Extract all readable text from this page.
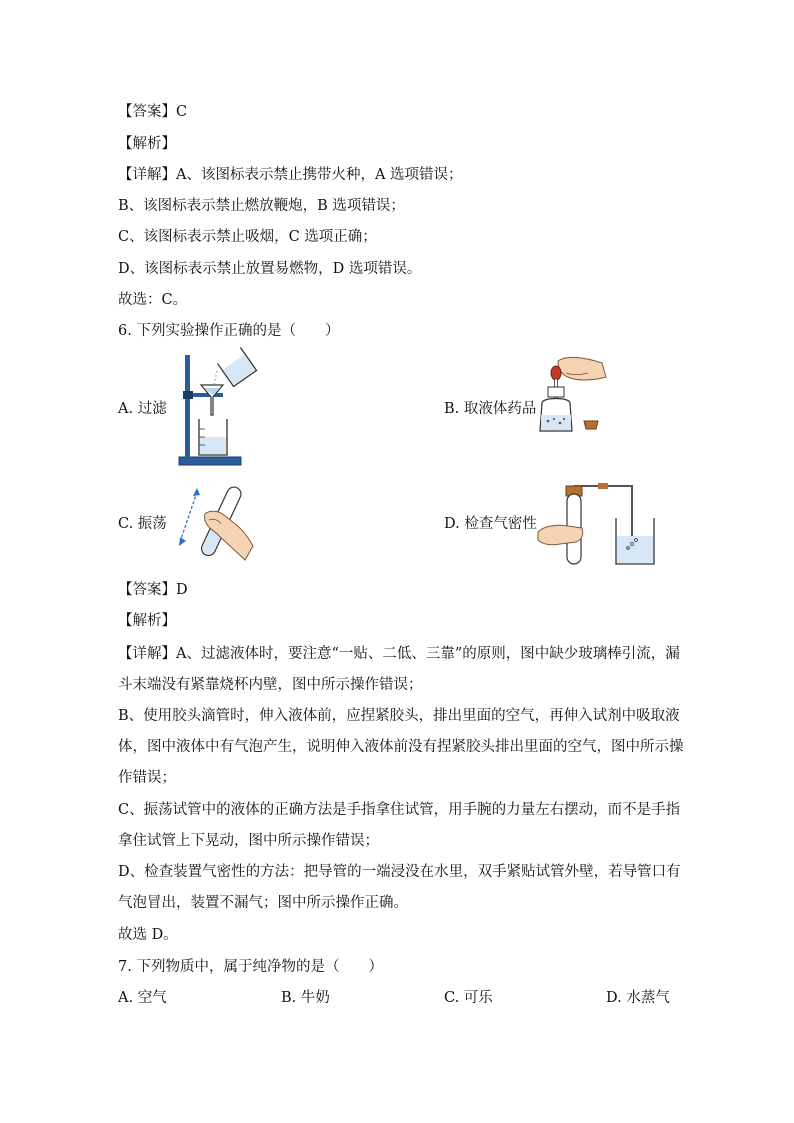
【答案】C
【解析】
【详解】A、该图标表示禁止携带火种，A 选项错误；
B、该图标表示禁止燃放鞭炮，B 选项错误；
C、该图标表示禁止吸烟，C 选项正确；
D、该图标表示禁止放置易燃物，D 选项错误。
故选：C。
6. 下列实验操作正确的是（　　）
A. 过滤	B. 取液体药品
C. 振荡	D. 检查气密性
【答案】D
【解析】
【详解】A、过滤液体时，要注意“一贴、二低、三靠”的原则，图中缺少玻璃棒引流，漏
斗末端没有紧靠烧杯内壁，图中所示操作错误；
B、使用胶头滴管时，伸入液体前，应捏紧胶头，排出里面的空气，再伸入试剂中吸取液
体，图中液体中有气泡产生，说明伸入液体前没有捏紧胶头排出里面的空气，图中所示操
作错误；
C、振荡试管中的液体的正确方法是手指拿住试管，用手腕的力量左右摆动，而不是手指
拿住试管上下晃动，图中所示操作错误；
D、检查装置气密性的方法：把导管的一端浸没在水里，双手紧贴试管外壁，若导管口有
气泡冒出，装置不漏气；图中所示操作正确。
故选 D。
7. 下列物质中，属于纯净物的是（　　）
A. 空气	B. 牛奶	C. 可乐	D. 水蒸气
